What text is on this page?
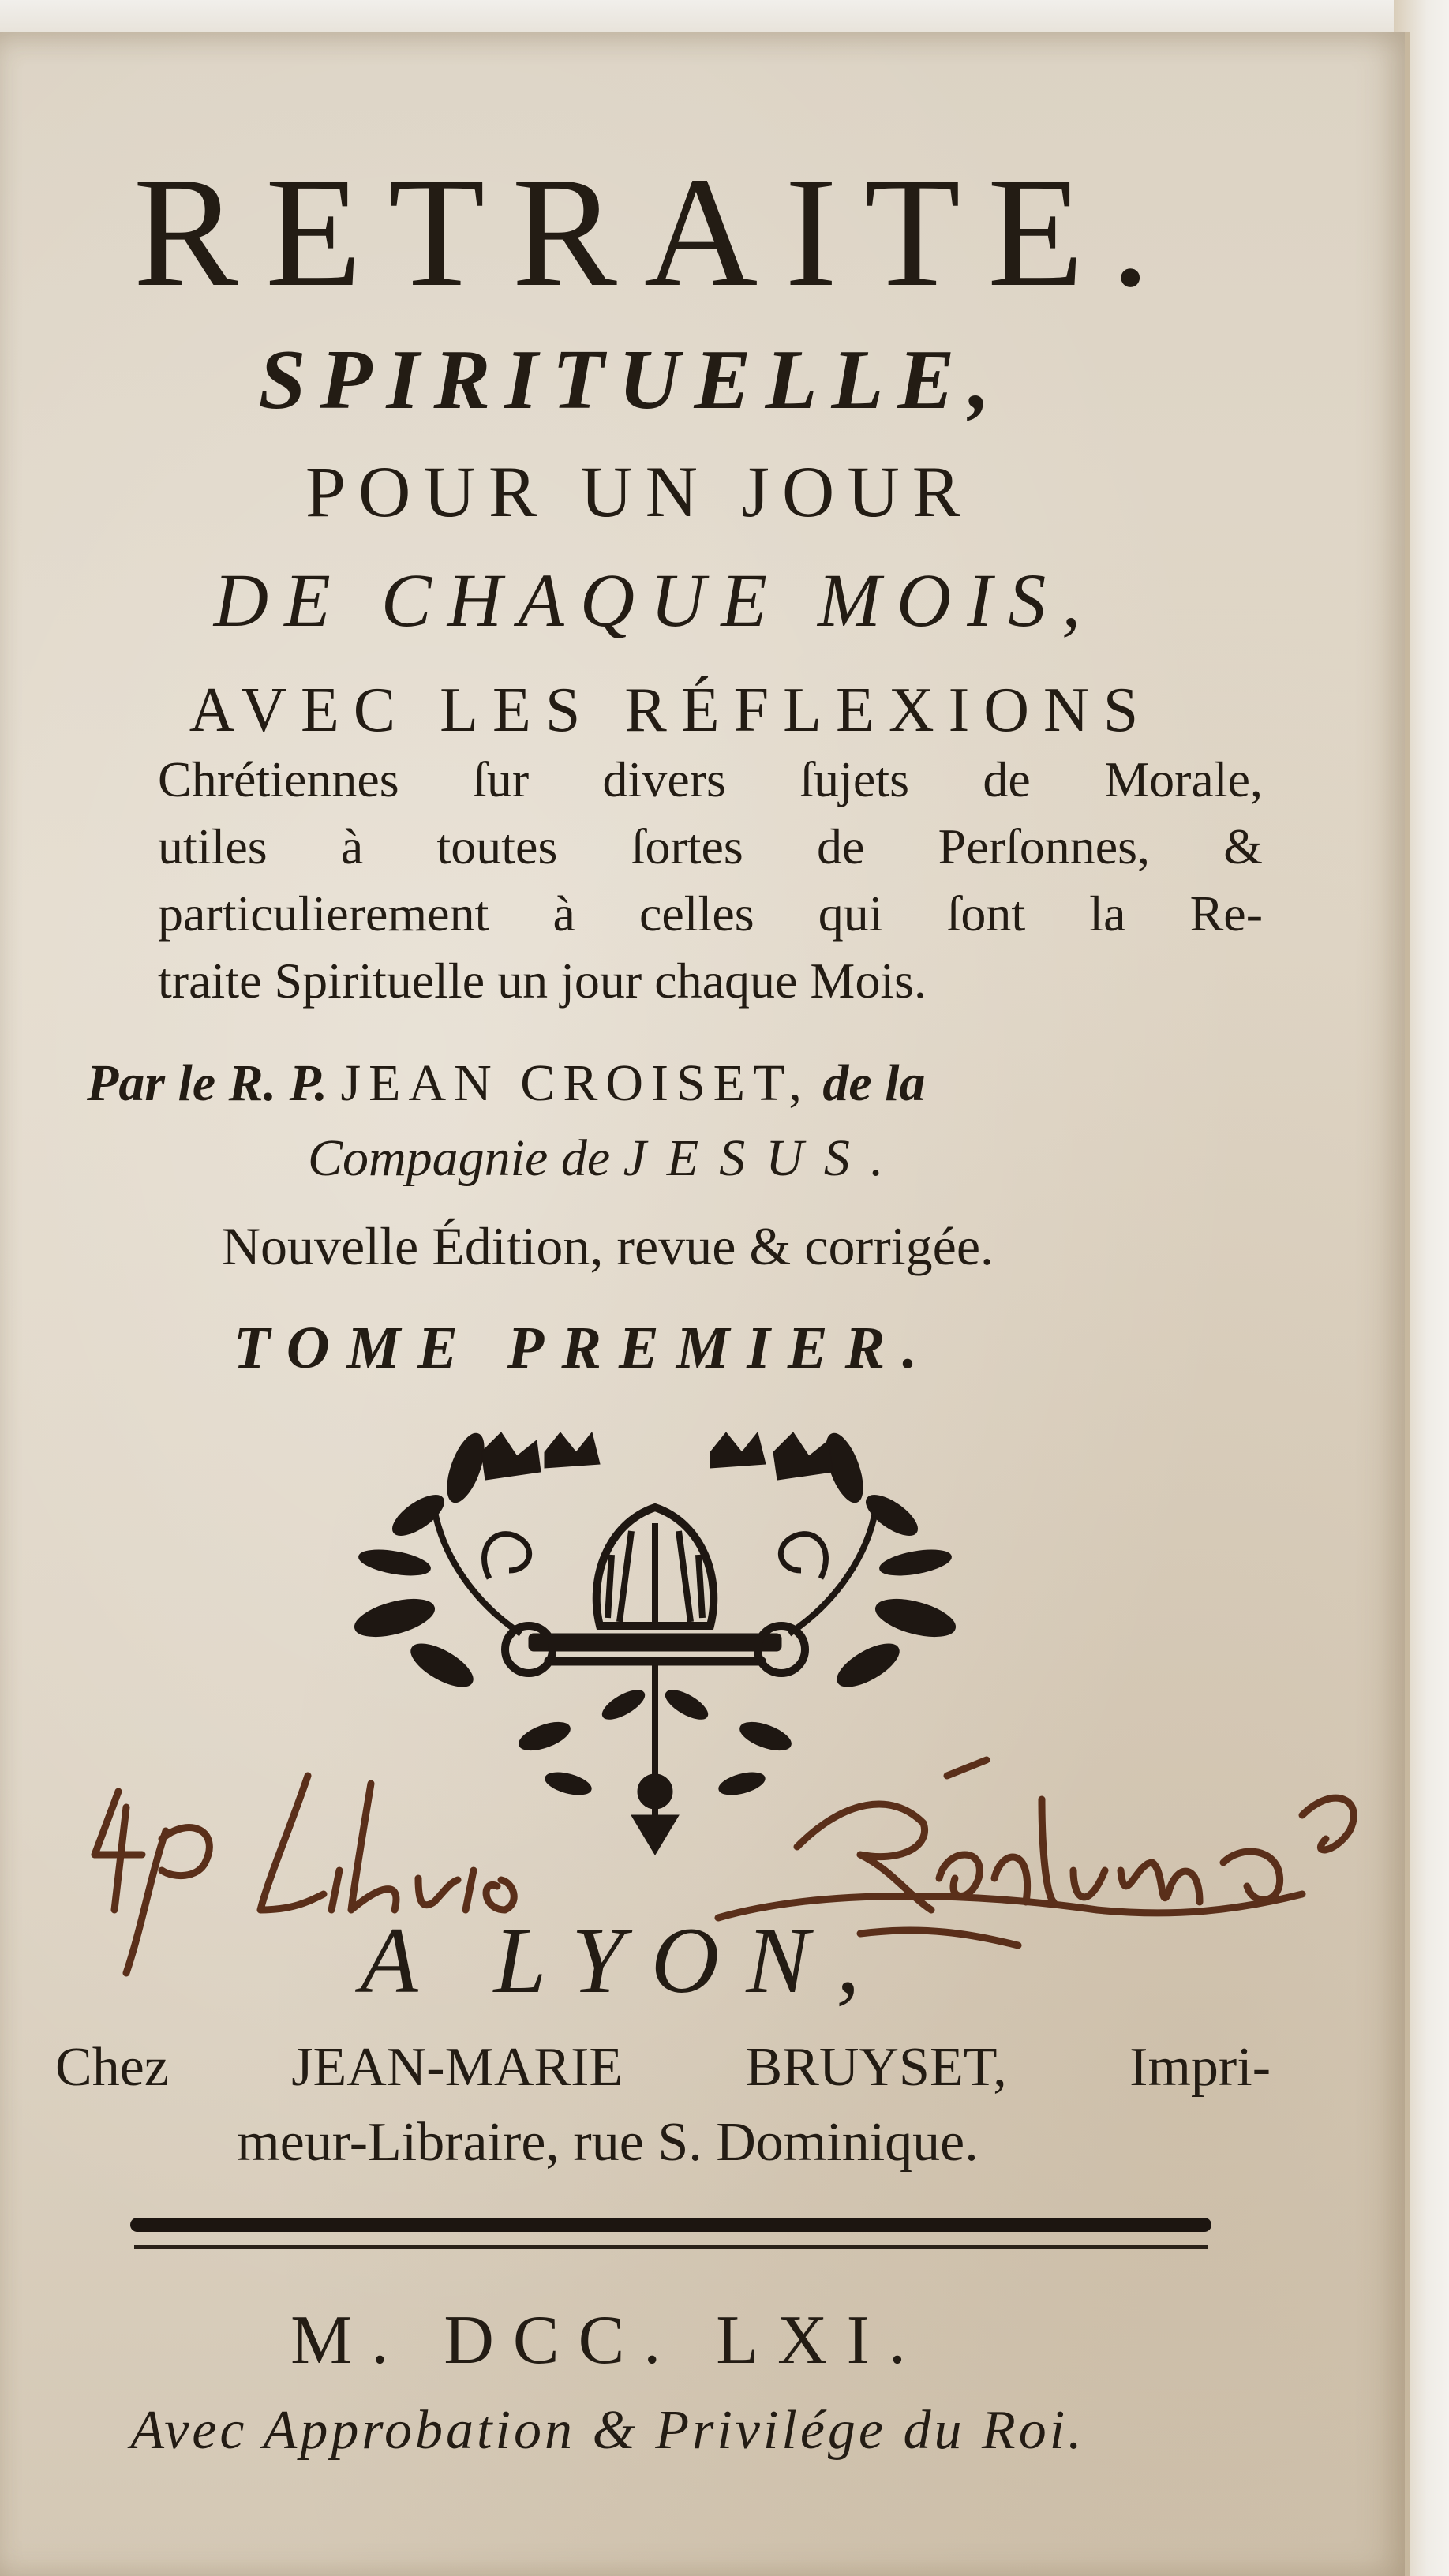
RETRAITE.
SPIRITUELLE,
POUR UN JOUR
DE CHAQUE MOIS,
AVEC LES RÉFLEXIONS
Chrétiennes ſur divers ſujets de Morale,
utiles à toutes ſortes de Perſonnes, &
particulierement à celles qui ſont la Re-
traite Spirituelle un jour chaque Mois.
Par le R. P. JEAN CROISET, de la
Compagnie de JESUS.
Nouvelle Édition, revue & corrigée.
TOME PREMIER.
A LYON,
Chez JEAN-MARIE BRUYSET, Impri-
meur-Libraire, rue S. Dominique.
M. DCC. LXI.
Avec Approbation & Privilége du Roi.
